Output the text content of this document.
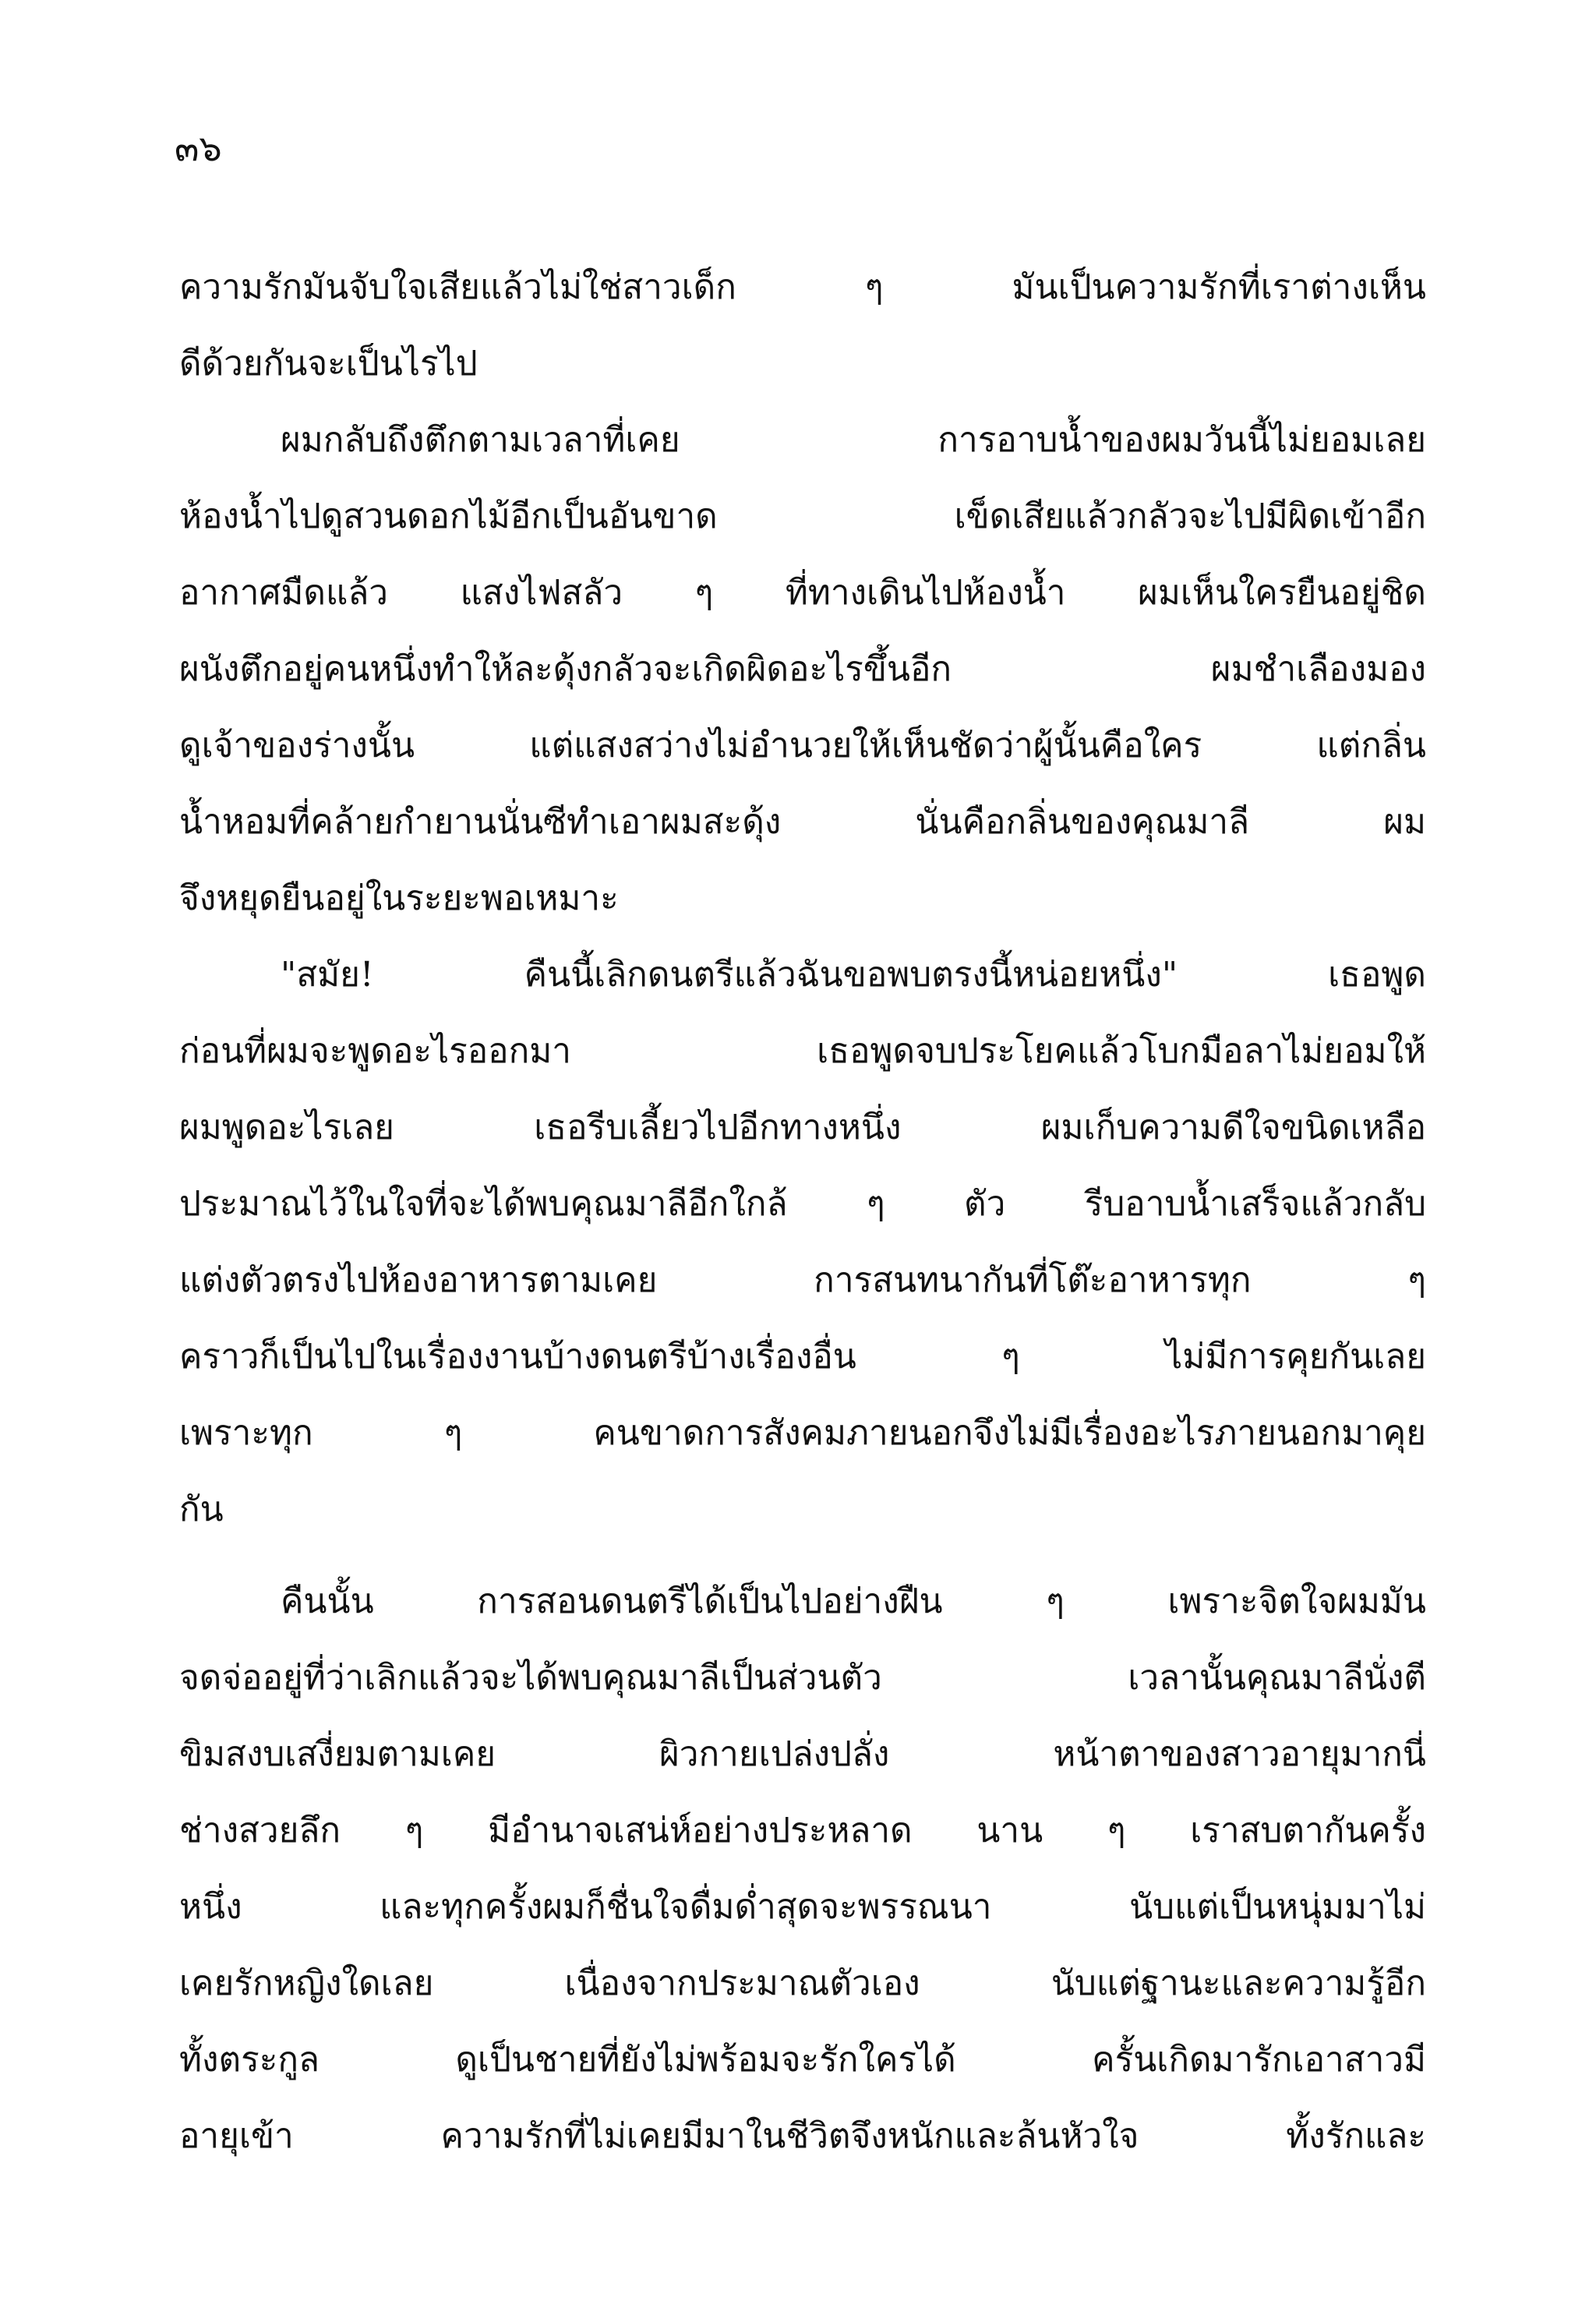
๓๖
ความรักมันจับใจเสียแล้วไม่ใช่สาวเด็ก ๆ มันเป็นความรักที่เราต่างเห็น
ดีด้วยกันจะเป็นไรไป
ผมกลับถึงตึกตามเวลาที่เคย การอาบน้ำของผมวันนี้ไม่ยอมเลย
ห้องน้ำไปดูสวนดอกไม้อีกเป็นอันขาด เข็ดเสียแล้วกลัวจะไปมีผิดเข้าอีก
อากาศมืดแล้ว แสงไฟสลัว ๆ ที่ทางเดินไปห้องน้ำ ผมเห็นใครยืนอยู่ชิด
ผนังตึกอยู่คนหนึ่งทำให้ละดุ้งกลัวจะเกิดผิดอะไรขึ้นอีก ผมชำเลืองมอง
ดูเจ้าของร่างนั้น แต่แสงสว่างไม่อำนวยให้เห็นชัดว่าผู้นั้นคือใคร แต่กลิ่น
น้ำหอมที่คล้ายกำยานนั่นซีทำเอาผมสะดุ้ง นั่นคือกลิ่นของคุณมาลี ผม
จึงหยุดยืนอยู่ในระยะพอเหมาะ
"สมัย! คืนนี้เลิกดนตรีแล้วฉันขอพบตรงนี้หน่อยหนึ่ง" เธอพูด
ก่อนที่ผมจะพูดอะไรออกมา เธอพูดจบประโยคแล้วโบกมือลาไม่ยอมให้
ผมพูดอะไรเลย เธอรีบเลี้ยวไปอีกทางหนึ่ง ผมเก็บความดีใจขนิดเหลือ
ประมาณไว้ในใจที่จะได้พบคุณมาลีอีกใกล้ ๆ ตัว รีบอาบน้ำเสร็จแล้วกลับ
แต่งตัวตรงไปห้องอาหารตามเคย การสนทนากันที่โต๊ะอาหารทุก ๆ
คราวก็เป็นไปในเรื่องงานบ้างดนตรีบ้างเรื่องอื่น ๆ ไม่มีการคุยกันเลย
เพราะทุก ๆ คนขาดการสังคมภายนอกจึงไม่มีเรื่องอะไรภายนอกมาคุย
กัน
คืนนั้น การสอนดนตรีได้เป็นไปอย่างฝืน ๆ เพราะจิตใจผมมัน
จดจ่ออยู่ที่ว่าเลิกแล้วจะได้พบคุณมาลีเป็นส่วนตัว เวลานั้นคุณมาลีนั่งตี
ขิมสงบเสงี่ยมตามเคย ผิวกายเปล่งปลั่ง หน้าตาของสาวอายุมากนี่
ช่างสวยลึก ๆ มีอำนาจเสน่ห์อย่างประหลาด นาน ๆ เราสบตากันครั้ง
หนึ่ง และทุกครั้งผมก็ชื่นใจดื่มด่ำสุดจะพรรณนา นับแต่เป็นหนุ่มมาไม่
เคยรักหญิงใดเลย เนื่องจากประมาณตัวเอง นับแต่ฐานะและความรู้อีก
ทั้งตระกูล ดูเป็นชายที่ยังไม่พร้อมจะรักใครได้ ครั้นเกิดมารักเอาสาวมี
อายุเข้า ความรักที่ไม่เคยมีมาในชีวิตจึงหนักและล้นหัวใจ ทั้งรักและ
